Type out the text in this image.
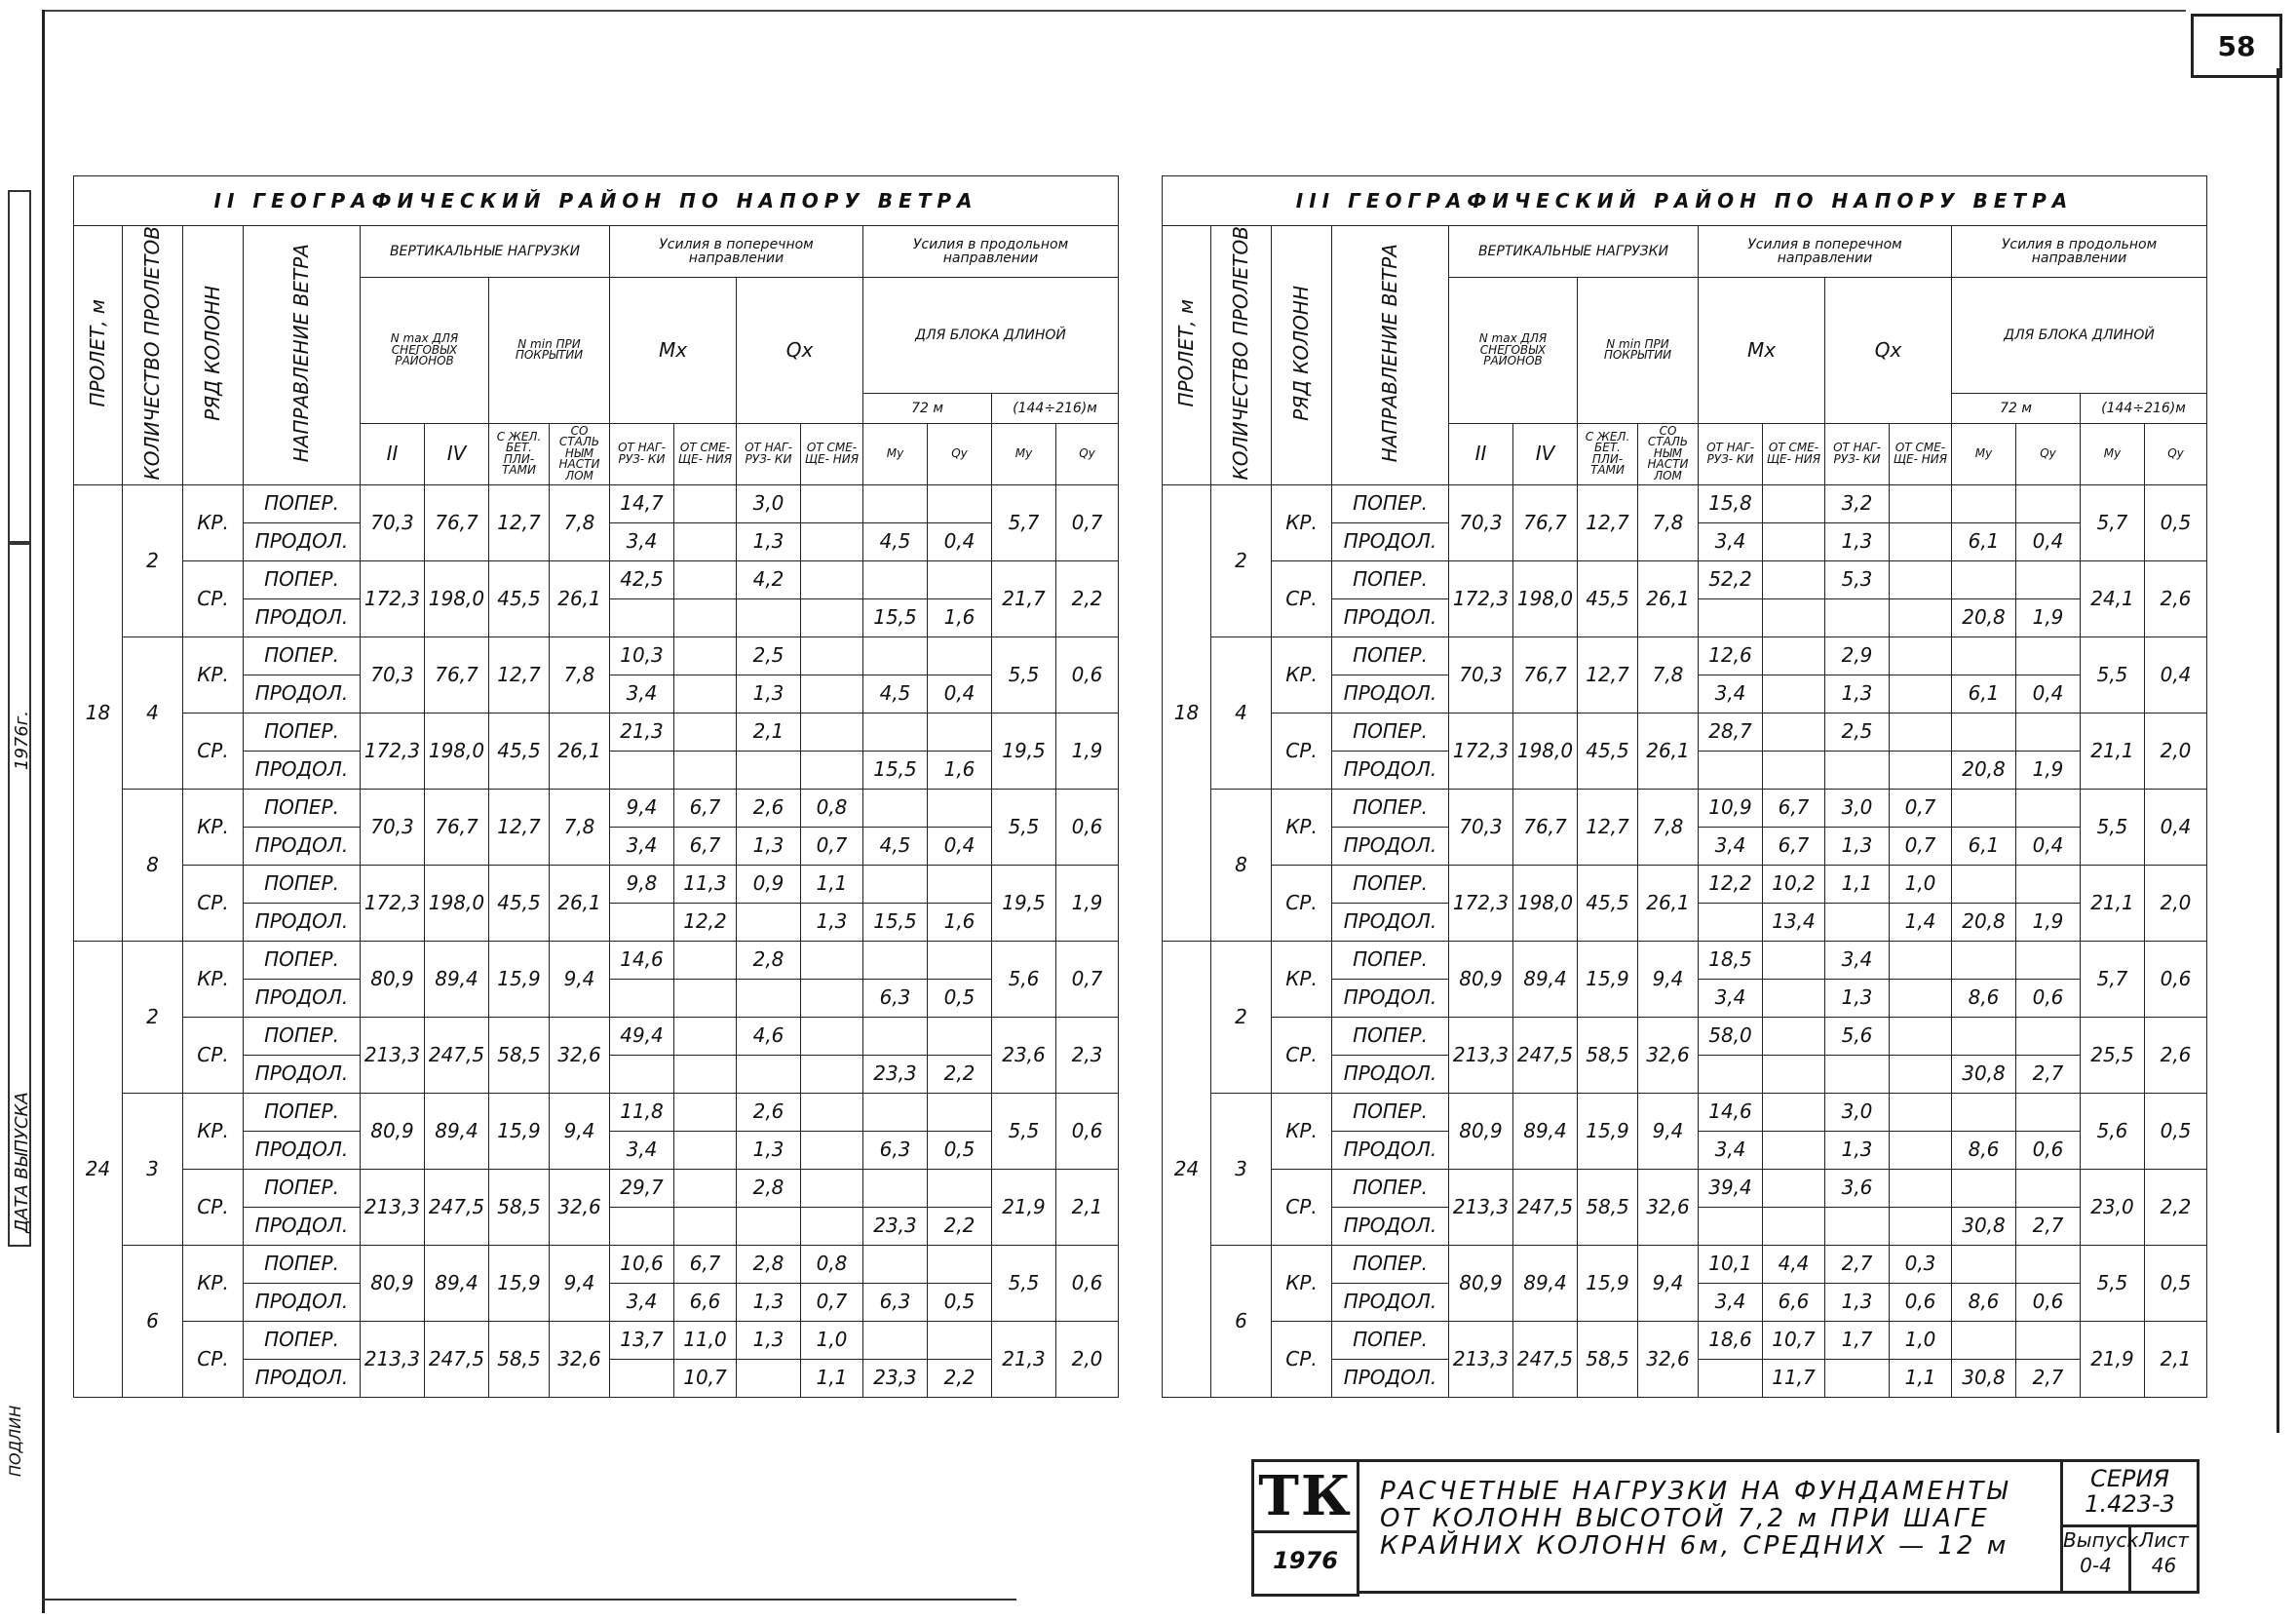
58
1976г.
ДАТА ВЫПУСКА
ПОДЛИН
II ГЕОГРАФИЧЕСКИЙ РАЙОН ПО НАПОРУ ВЕТРА															
ПРОЛЕТ, м	КОЛИЧЕСТВО ПРОЛЕТОВ	РЯД КОЛОНН	НАПРАВЛЕНИЕ ВЕТРА	ВЕРТИКАЛЬНЫЕ НАГРУЗКИ				Усилия в поперечном направлении				Усилия в продольном направлении			
				N max ДЛЯ СНЕГОВЫХ РАЙОНОВ		N min ПРИ ПОКРЫТИИ		Mx		Qx		ДЛЯ БЛОКА ДЛИНОЙ			
												72 м		(144÷216)м	
				II	IV	С ЖЕЛ. БЕТ. ПЛИ- ТАМИ	СО СТАЛЬ НЫМ НАСТИ ЛОМ	ОТ НАГ- РУЗ- КИ	ОТ СМЕ- ЩЕ- НИЯ	ОТ НАГ- РУЗ- КИ	ОТ СМЕ- ЩЕ- НИЯ	My	Qy	My	Qy
18	2	КР.	ПОПЕР.	70,3	76,7	12,7	7,8	14,7		3,0				5,7	0,7
			ПРОДОЛ.					3,4		1,3		4,5	0,4		
		СР.	ПОПЕР.	172,3	198,0	45,5	26,1	42,5		4,2				21,7	2,2
			ПРОДОЛ.									15,5	1,6		
	4	КР.	ПОПЕР.	70,3	76,7	12,7	7,8	10,3		2,5				5,5	0,6
			ПРОДОЛ.					3,4		1,3		4,5	0,4		
		СР.	ПОПЕР.	172,3	198,0	45,5	26,1	21,3		2,1				19,5	1,9
			ПРОДОЛ.									15,5	1,6		
	8	КР.	ПОПЕР.	70,3	76,7	12,7	7,8	9,4	6,7	2,6	0,8			5,5	0,6
			ПРОДОЛ.					3,4	6,7	1,3	0,7	4,5	0,4		
		СР.	ПОПЕР.	172,3	198,0	45,5	26,1	9,8	11,3	0,9	1,1			19,5	1,9
			ПРОДОЛ.						12,2		1,3	15,5	1,6		
24	2	КР.	ПОПЕР.	80,9	89,4	15,9	9,4	14,6		2,8				5,6	0,7
			ПРОДОЛ.									6,3	0,5		
		СР.	ПОПЕР.	213,3	247,5	58,5	32,6	49,4		4,6				23,6	2,3
			ПРОДОЛ.									23,3	2,2		
	3	КР.	ПОПЕР.	80,9	89,4	15,9	9,4	11,8		2,6				5,5	0,6
			ПРОДОЛ.					3,4		1,3		6,3	0,5		
		СР.	ПОПЕР.	213,3	247,5	58,5	32,6	29,7		2,8				21,9	2,1
			ПРОДОЛ.									23,3	2,2		
	6	КР.	ПОПЕР.	80,9	89,4	15,9	9,4	10,6	6,7	2,8	0,8			5,5	0,6
			ПРОДОЛ.					3,4	6,6	1,3	0,7	6,3	0,5		
		СР.	ПОПЕР.	213,3	247,5	58,5	32,6	13,7	11,0	1,3	1,0			21,3	2,0
			ПРОДОЛ.						10,7		1,1	23,3	2,2		
III ГЕОГРАФИЧЕСКИЙ РАЙОН ПО НАПОРУ ВЕТРА															
ПРОЛЕТ, м	КОЛИЧЕСТВО ПРОЛЕТОВ	РЯД КОЛОНН	НАПРАВЛЕНИЕ ВЕТРА	ВЕРТИКАЛЬНЫЕ НАГРУЗКИ				Усилия в поперечном направлении				Усилия в продольном направлении			
				N max ДЛЯ СНЕГОВЫХ РАЙОНОВ		N min ПРИ ПОКРЫТИИ		Mx		Qx		ДЛЯ БЛОКА ДЛИНОЙ			
												72 м		(144÷216)м	
				II	IV	С ЖЕЛ. БЕТ. ПЛИ- ТАМИ	СО СТАЛЬ НЫМ НАСТИ ЛОМ	ОТ НАГ- РУЗ- КИ	ОТ СМЕ- ЩЕ- НИЯ	ОТ НАГ- РУЗ- КИ	ОТ СМЕ- ЩЕ- НИЯ	My	Qy	My	Qy
18	2	КР.	ПОПЕР.	70,3	76,7	12,7	7,8	15,8		3,2				5,7	0,5
			ПРОДОЛ.					3,4		1,3		6,1	0,4		
		СР.	ПОПЕР.	172,3	198,0	45,5	26,1	52,2		5,3				24,1	2,6
			ПРОДОЛ.									20,8	1,9		
	4	КР.	ПОПЕР.	70,3	76,7	12,7	7,8	12,6		2,9				5,5	0,4
			ПРОДОЛ.					3,4		1,3		6,1	0,4		
		СР.	ПОПЕР.	172,3	198,0	45,5	26,1	28,7		2,5				21,1	2,0
			ПРОДОЛ.									20,8	1,9		
	8	КР.	ПОПЕР.	70,3	76,7	12,7	7,8	10,9	6,7	3,0	0,7			5,5	0,4
			ПРОДОЛ.					3,4	6,7	1,3	0,7	6,1	0,4		
		СР.	ПОПЕР.	172,3	198,0	45,5	26,1	12,2	10,2	1,1	1,0			21,1	2,0
			ПРОДОЛ.						13,4		1,4	20,8	1,9		
24	2	КР.	ПОПЕР.	80,9	89,4	15,9	9,4	18,5		3,4				5,7	0,6
			ПРОДОЛ.					3,4		1,3		8,6	0,6		
		СР.	ПОПЕР.	213,3	247,5	58,5	32,6	58,0		5,6				25,5	2,6
			ПРОДОЛ.									30,8	2,7		
	3	КР.	ПОПЕР.	80,9	89,4	15,9	9,4	14,6		3,0				5,6	0,5
			ПРОДОЛ.					3,4		1,3		8,6	0,6		
		СР.	ПОПЕР.	213,3	247,5	58,5	32,6	39,4		3,6				23,0	2,2
			ПРОДОЛ.									30,8	2,7		
	6	КР.	ПОПЕР.	80,9	89,4	15,9	9,4	10,1	4,4	2,7	0,3			5,5	0,5
			ПРОДОЛ.					3,4	6,6	1,3	0,6	8,6	0,6		
		СР.	ПОПЕР.	213,3	247,5	58,5	32,6	18,6	10,7	1,7	1,0			21,9	2,1
			ПРОДОЛ.						11,7		1,1	30,8	2,7		
ТК
1976
РАСЧЕТНЫЕ НАГРУЗКИ НА ФУНДАМЕНТЫ ОТ КОЛОНН ВЫСОТОЙ 7,2 м ПРИ ШАГЕ КРАЙНИХ КОЛОНН 6м, СРЕДНИХ — 12 м
СЕРИЯ
1.423-3
Выпуск
0-4
Лист
46
